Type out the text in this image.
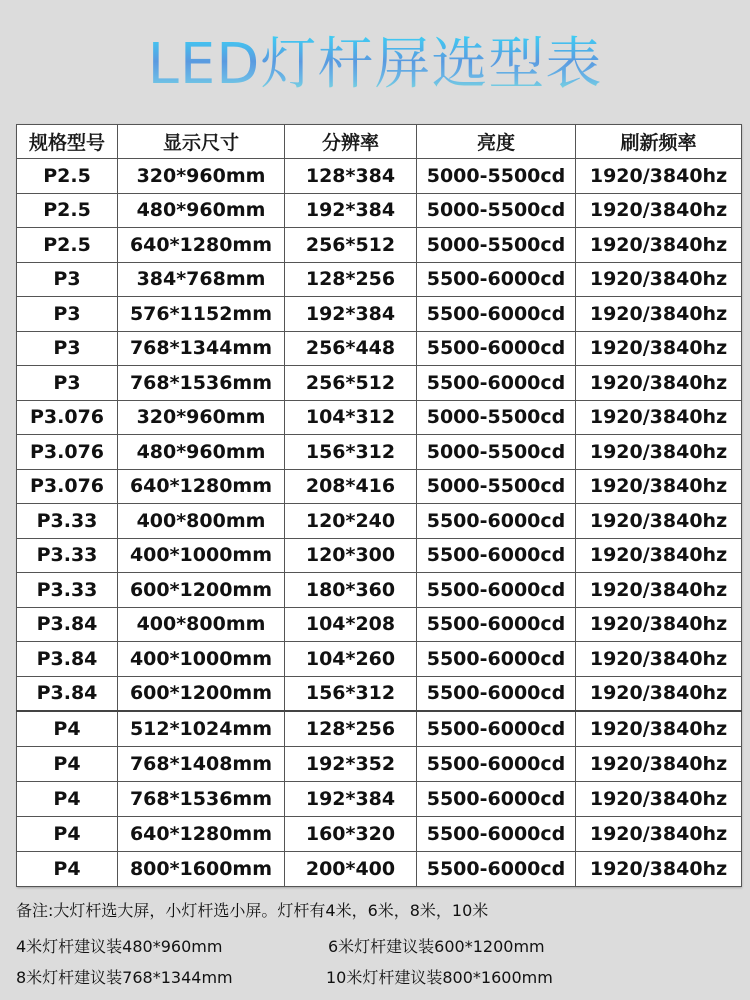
LED灯杆屏选型表
规格型号	显示尺寸	分辨率	亮度	刷新频率
P2.5	320*960mm	128*384	5000-5500cd	1920/3840hz
P2.5	480*960mm	192*384	5000-5500cd	1920/3840hz
P2.5	640*1280mm	256*512	5000-5500cd	1920/3840hz
P3	384*768mm	128*256	5500-6000cd	1920/3840hz
P3	576*1152mm	192*384	5500-6000cd	1920/3840hz
P3	768*1344mm	256*448	5500-6000cd	1920/3840hz
P3	768*1536mm	256*512	5500-6000cd	1920/3840hz
P3.076	320*960mm	104*312	5000-5500cd	1920/3840hz
P3.076	480*960mm	156*312	5000-5500cd	1920/3840hz
P3.076	640*1280mm	208*416	5000-5500cd	1920/3840hz
P3.33	400*800mm	120*240	5500-6000cd	1920/3840hz
P3.33	400*1000mm	120*300	5500-6000cd	1920/3840hz
P3.33	600*1200mm	180*360	5500-6000cd	1920/3840hz
P3.84	400*800mm	104*208	5500-6000cd	1920/3840hz
P3.84	400*1000mm	104*260	5500-6000cd	1920/3840hz
P3.84	600*1200mm	156*312	5500-6000cd	1920/3840hz
P4	512*1024mm	128*256	5500-6000cd	1920/3840hz
P4	768*1408mm	192*352	5500-6000cd	1920/3840hz
P4	768*1536mm	192*384	5500-6000cd	1920/3840hz
P4	640*1280mm	160*320	5500-6000cd	1920/3840hz
P4	800*1600mm	200*400	5500-6000cd	1920/3840hz
备注:大灯杆选大屏，小灯杆选小屏。灯杆有4米，6米，8米，10米
4米灯杆建议装480*960mm	6米灯杆建议装600*1200mm
8米灯杆建议装768*1344mm	10米灯杆建议装800*1600mm
